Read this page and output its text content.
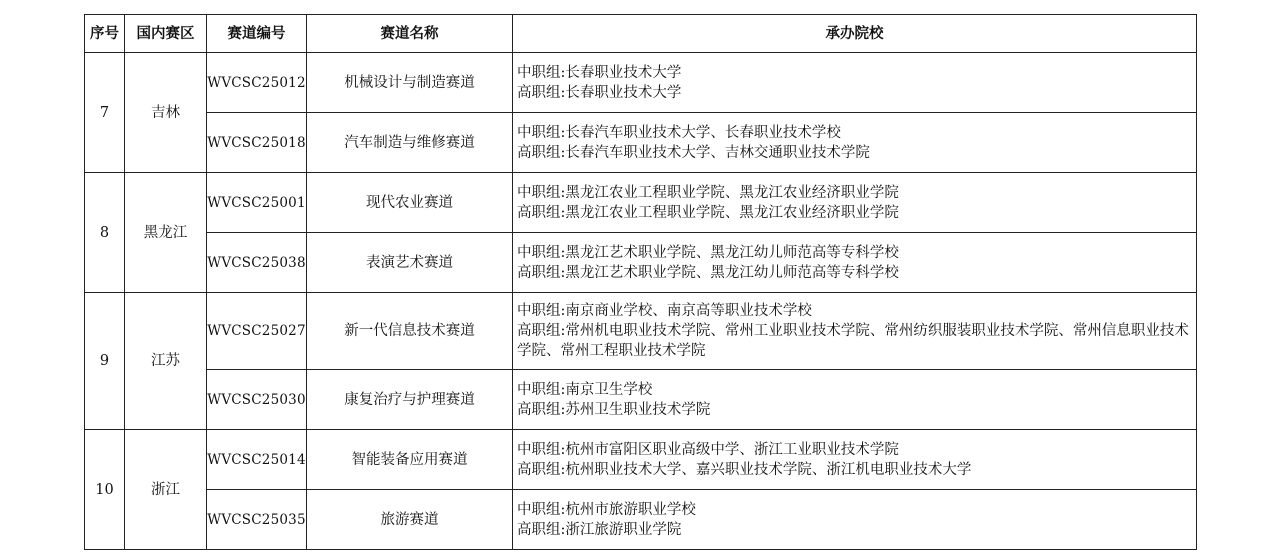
序号	国内赛区	赛道编号	赛道名称	承办院校
7	吉林	WVCSC25012	机械设计与制造赛道	中职组:长春职业技术大学
高职组:长春职业技术大学

		WVCSC25018	汽车制造与维修赛道	中职组:长春汽车职业技术大学、长春职业技术学校
高职组:长春汽车职业技术大学、吉林交通职业技术学院

8	黑龙江	WVCSC25001	现代农业赛道	中职组:黑龙江农业工程职业学院、黑龙江农业经济职业学院
高职组:黑龙江农业工程职业学院、黑龙江农业经济职业学院

		WVCSC25038	表演艺术赛道	中职组:黑龙江艺术职业学院、黑龙江幼儿师范高等专科学校
高职组:黑龙江艺术职业学院、黑龙江幼儿师范高等专科学校

9	江苏	WVCSC25027	新一代信息技术赛道	中职组:南京商业学校、南京高等职业技术学校
高职组:常州机电职业技术学院、常州工业职业技术学院、常州纺织服装职业技术学院、常州信息职业技术学院、常州工程职业技术学院

		WVCSC25030	康复治疗与护理赛道	中职组:南京卫生学校
高职组:苏州卫生职业技术学院

10	浙江	WVCSC25014	智能装备应用赛道	中职组:杭州市富阳区职业高级中学、浙江工业职业技术学院
高职组:杭州职业技术大学、嘉兴职业技术学院、浙江机电职业技术大学

		WVCSC25035	旅游赛道	中职组:杭州市旅游职业学校
高职组:浙江旅游职业学院
